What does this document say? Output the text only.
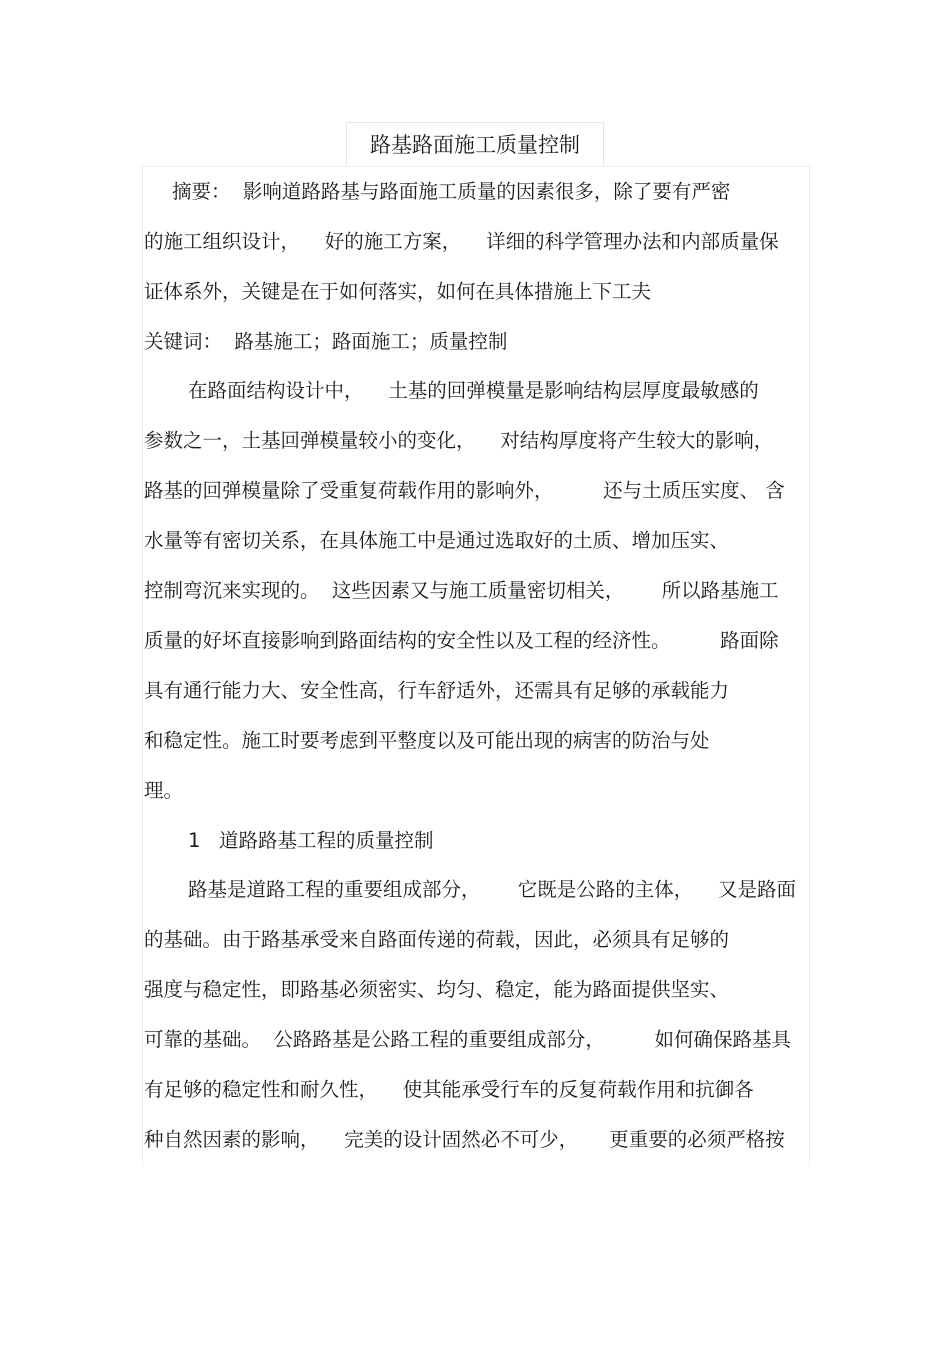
路基路面施工质量控制
摘要：  影响道路路基与路面施工质量的因素很多，除了要有严密
的施工组织设计，    好的施工方案，    详细的科学管理办法和内部质量保
证体系外，关键是在于如何落实，如何在具体措施上下工夫
关键词：  路基施工；路面施工；质量控制
在路面结构设计中，    土基的回弹模量是影响结构层厚度最敏感的
参数之一，土基回弹模量较小的变化，    对结构厚度将产生较大的影响，
路基的回弹模量除了受重复荷载作用的影响外，        还与土质压实度、 含
水量等有密切关系，在具体施工中是通过选取好的土质、增加压实、
控制弯沉来实现的。  这些因素又与施工质量密切相关，      所以路基施工
质量的好坏直接影响到路面结构的安全性以及工程的经济性。        路面除
具有通行能力大、安全性高，行车舒适外，还需具有足够的承载能力
和稳定性。施工时要考虑到平整度以及可能出现的病害的防治与处
理。
1   道路路基工程的质量控制
路基是道路工程的重要组成部分，      它既是公路的主体，    又是路面
的基础。由于路基承受来自路面传递的荷载，因此，必须具有足够的
强度与稳定性，即路基必须密实、均匀、稳定，能为路面提供坚实、
可靠的基础。  公路路基是公路工程的重要组成部分，        如何确保路基具
有足够的稳定性和耐久性，    使其能承受行车的反复荷载作用和抗御各
种自然因素的影响，    完美的设计固然必不可少，     更重要的必须严格按
